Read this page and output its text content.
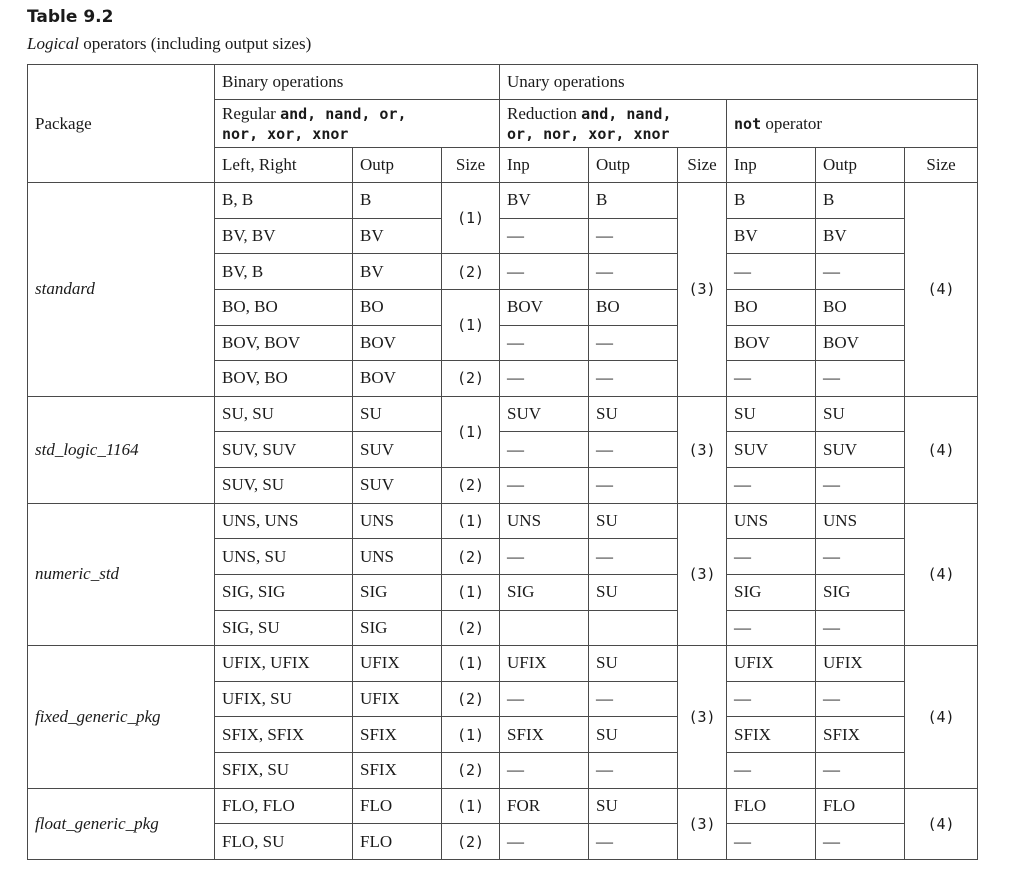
Table 9.2
Logical operators (including output sizes)
Package	Binary operations			Unary operations					
	Regular and, nand, or,
nor, xor, xnor			Reduction and, nand,
or, nor, xor, xnor			not operator		
	Left, Right	Outp	Size	Inp	Outp	Size	Inp	Outp	Size
standard	B, B	B	(1)	BV	B	(3)	B	B	(4)
	BV, BV	BV		—	—		BV	BV	
	BV, B	BV	(2)	—	—		—	—	
	BO, BO	BO	(1)	BOV	BO		BO	BO	
	BOV, BOV	BOV		—	—		BOV	BOV	
	BOV, BO	BOV	(2)	—	—		—	—	
std_logic_1164	SU, SU	SU	(1)	SUV	SU	(3)	SU	SU	(4)
	SUV, SUV	SUV		—	—		SUV	SUV	
	SUV, SU	SUV	(2)	—	—		—	—	
numeric_std	UNS, UNS	UNS	(1)	UNS	SU	(3)	UNS	UNS	(4)
	UNS, SU	UNS	(2)	—	—		—	—	
	SIG, SIG	SIG	(1)	SIG	SU		SIG	SIG	
	SIG, SU	SIG	(2)				—	—	
fixed_generic_pkg	UFIX, UFIX	UFIX	(1)	UFIX	SU	(3)	UFIX	UFIX	(4)
	UFIX, SU	UFIX	(2)	—	—		—	—	
	SFIX, SFIX	SFIX	(1)	SFIX	SU		SFIX	SFIX	
	SFIX, SU	SFIX	(2)	—	—		—	—	
float_generic_pkg	FLO, FLO	FLO	(1)	FOR	SU	(3)	FLO	FLO	(4)
	FLO, SU	FLO	(2)	—	—		—	—	
